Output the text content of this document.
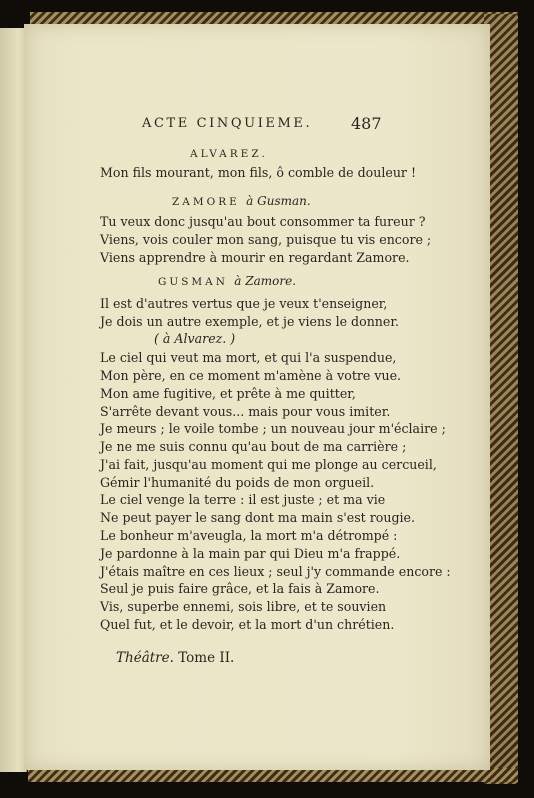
ACTE CINQUIEME. 487
ALVAREZ.
Mon fils mourant, mon fils, ô comble de douleur !
ZAMORE à Gusman.
Tu veux donc jusqu'au bout consommer ta fureur ?
Viens, vois couler mon sang, puisque tu vis encore ;
Viens apprendre à mourir en regardant Zamore.
GUSMAN à Zamore.
Il est d'autres vertus que je veux t'enseigner,
Je dois un autre exemple, et je viens le donner.
( à Alvarez. )
Le ciel qui veut ma mort, et qui l'a suspendue,
Mon père, en ce moment m'amène à votre vue.
Mon ame fugitive, et prête à me quitter,
S'arrête devant vous... mais pour vous imiter.
Je meurs ; le voile tombe ; un nouveau jour m'éclaire ;
Je ne me suis connu qu'au bout de ma carrière ;
J'ai fait, jusqu'au moment qui me plonge au cercueil,
Gémir l'humanité du poids de mon orgueil.
Le ciel venge la terre : il est juste ; et ma vie
Ne peut payer le sang dont ma main s'est rougie.
Le bonheur m'aveugla, la mort m'a détrompé :
Je pardonne à la main par qui Dieu m'a frappé.
J'étais maître en ces lieux ; seul j'y commande encore :
Seul je puis faire grâce, et la fais à Zamore.
Vis, superbe ennemi, sois libre, et te souvien
Quel fut, et le devoir, et la mort d'un chrétien.
Théâtre. Tome II.
